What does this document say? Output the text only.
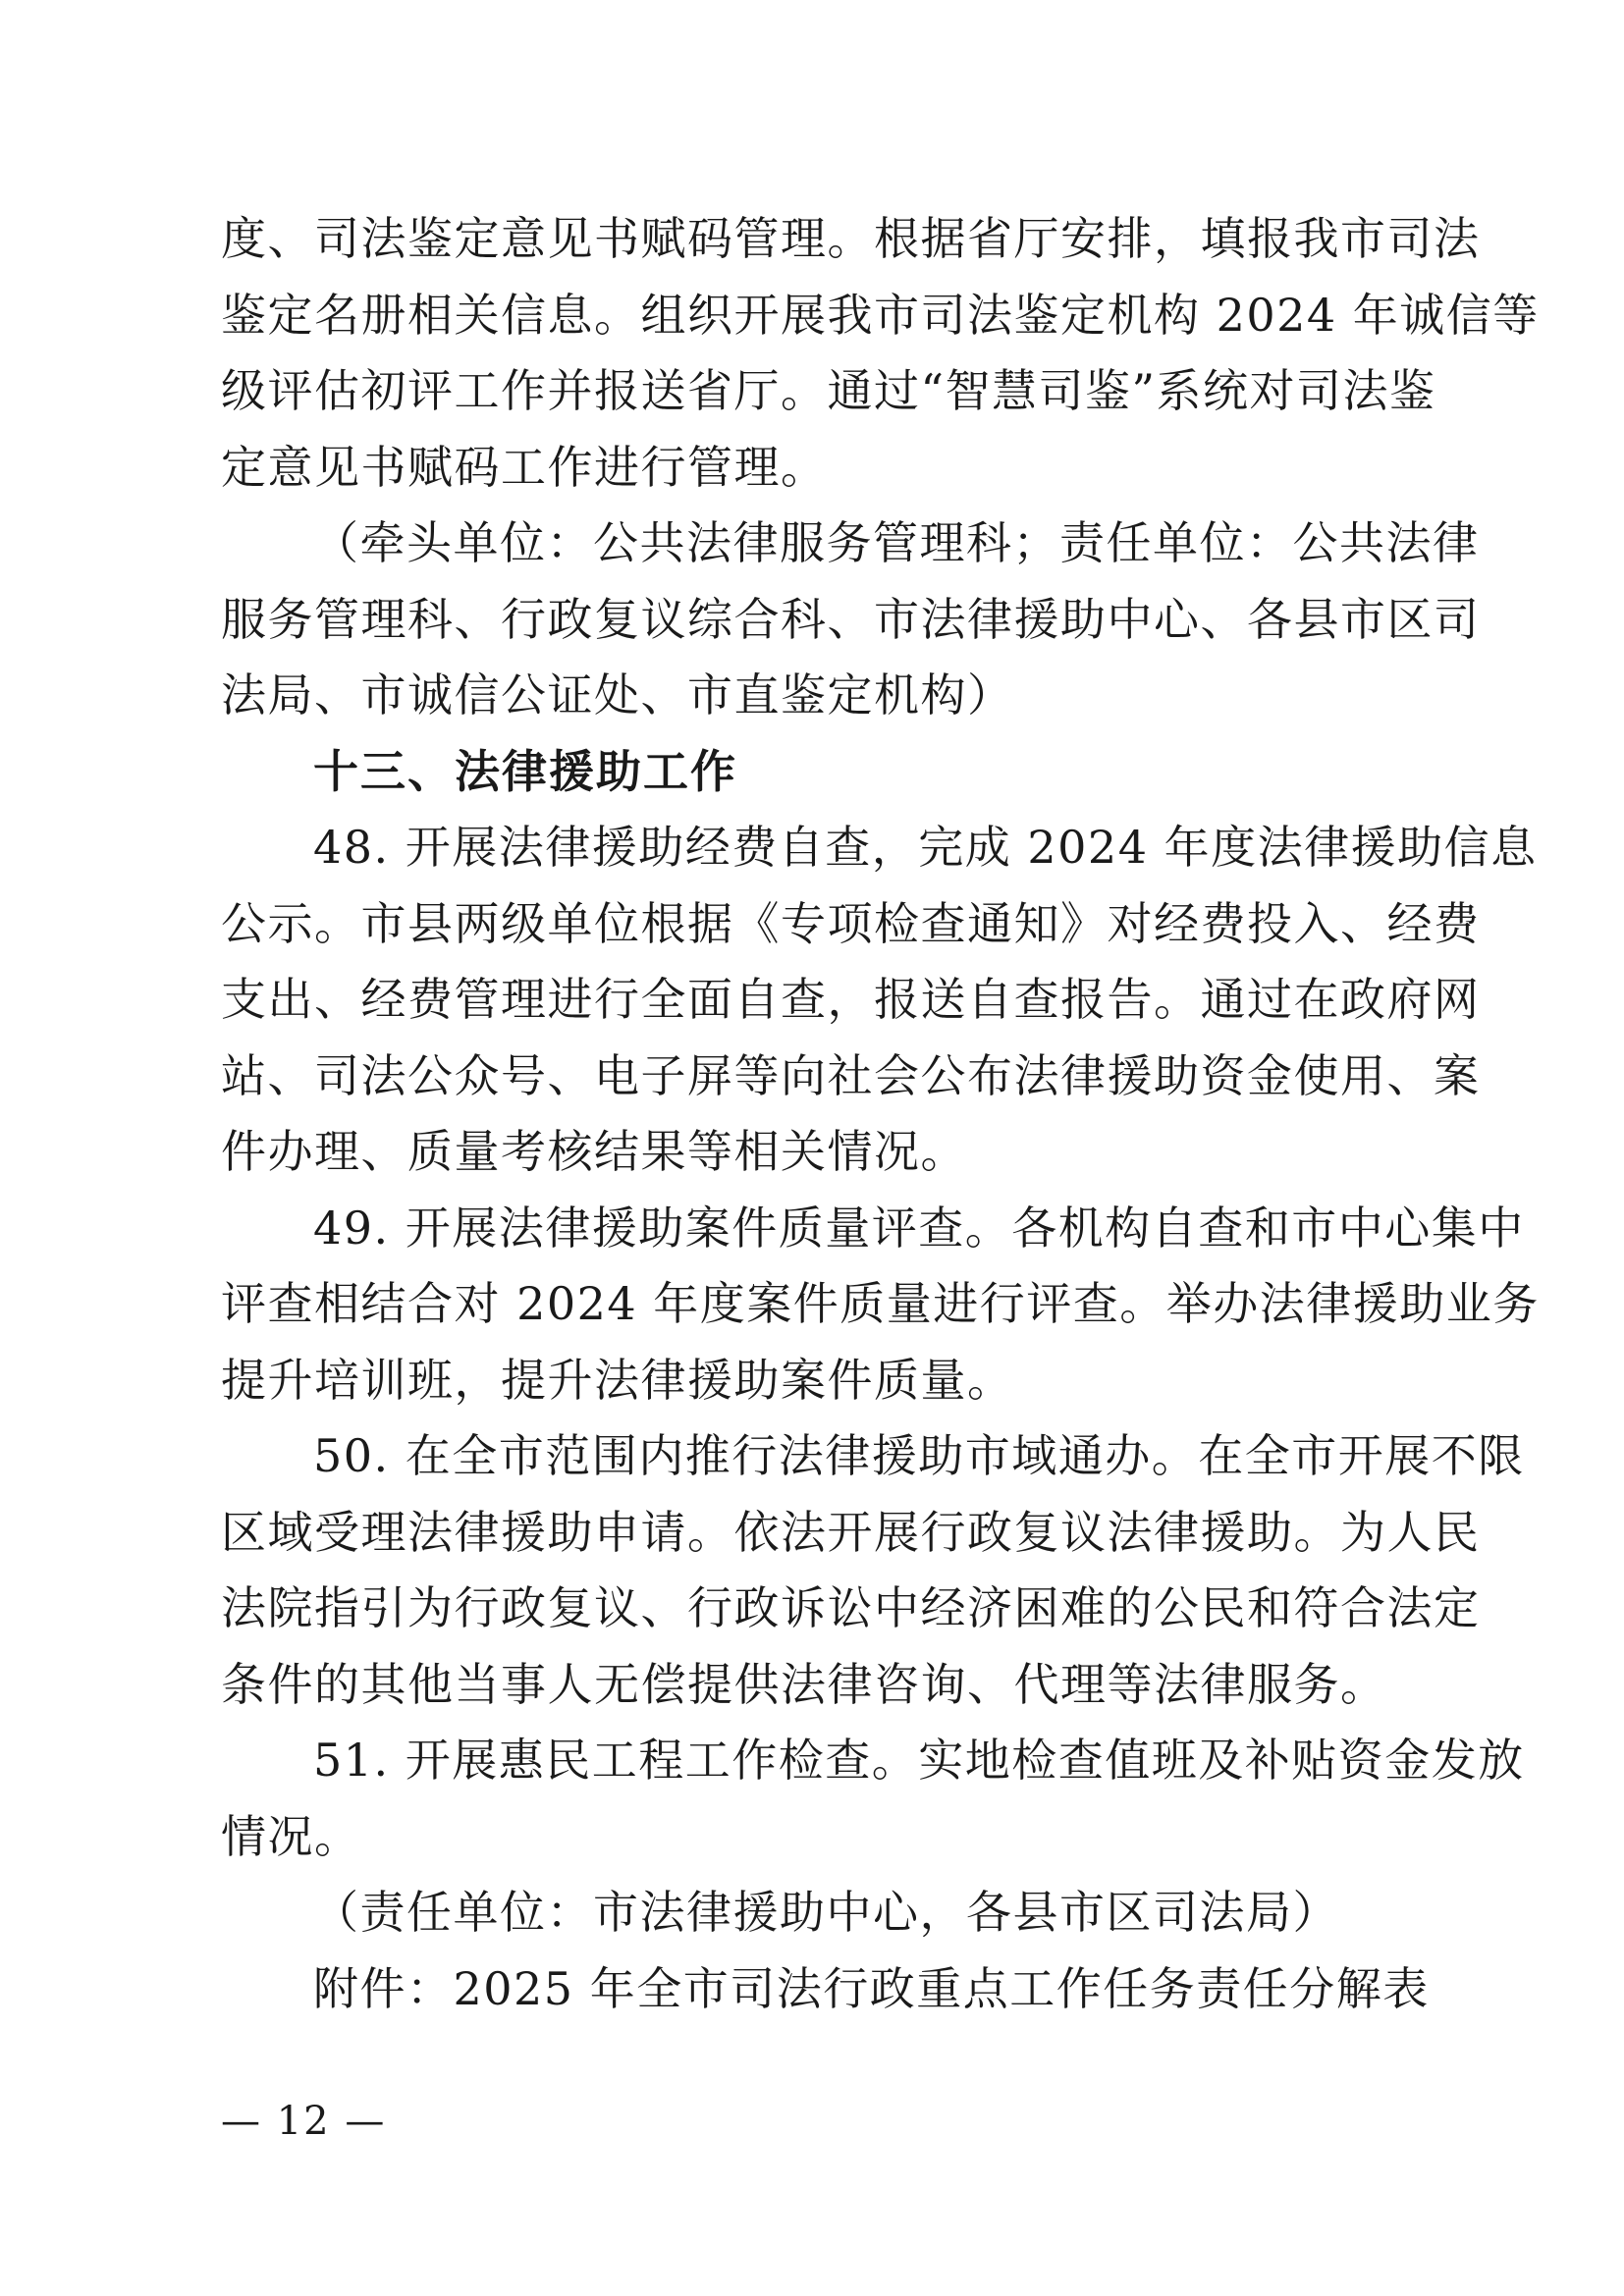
度、司法鉴定意见书赋码管理。根据省厅安排，填报我市司法
鉴定名册相关信息。组织开展我市司法鉴定机构 2024 年诚信等
级评估初评工作并报送省厅。通过“智慧司鉴”系统对司法鉴
定意见书赋码工作进行管理。
（牵头单位：公共法律服务管理科；责任单位：公共法律
服务管理科、行政复议综合科、市法律援助中心、各县市区司
法局、市诚信公证处、市直鉴定机构）
十三、法律援助工作
48. 开展法律援助经费自查，完成 2024 年度法律援助信息
公示。市县两级单位根据《专项检查通知》对经费投入、经费
支出、经费管理进行全面自查，报送自查报告。通过在政府网
站、司法公众号、电子屏等向社会公布法律援助资金使用、案
件办理、质量考核结果等相关情况。
49. 开展法律援助案件质量评查。各机构自查和市中心集中
评查相结合对 2024 年度案件质量进行评查。举办法律援助业务
提升培训班，提升法律援助案件质量。
50. 在全市范围内推行法律援助市域通办。在全市开展不限
区域受理法律援助申请。依法开展行政复议法律援助。为人民
法院指引为行政复议、行政诉讼中经济困难的公民和符合法定
条件的其他当事人无偿提供法律咨询、代理等法律服务。
51. 开展惠民工程工作检查。实地检查值班及补贴资金发放
情况。
（责任单位：市法律援助中心，各县市区司法局）
附件：2025 年全市司法行政重点工作任务责任分解表
— 12 —
